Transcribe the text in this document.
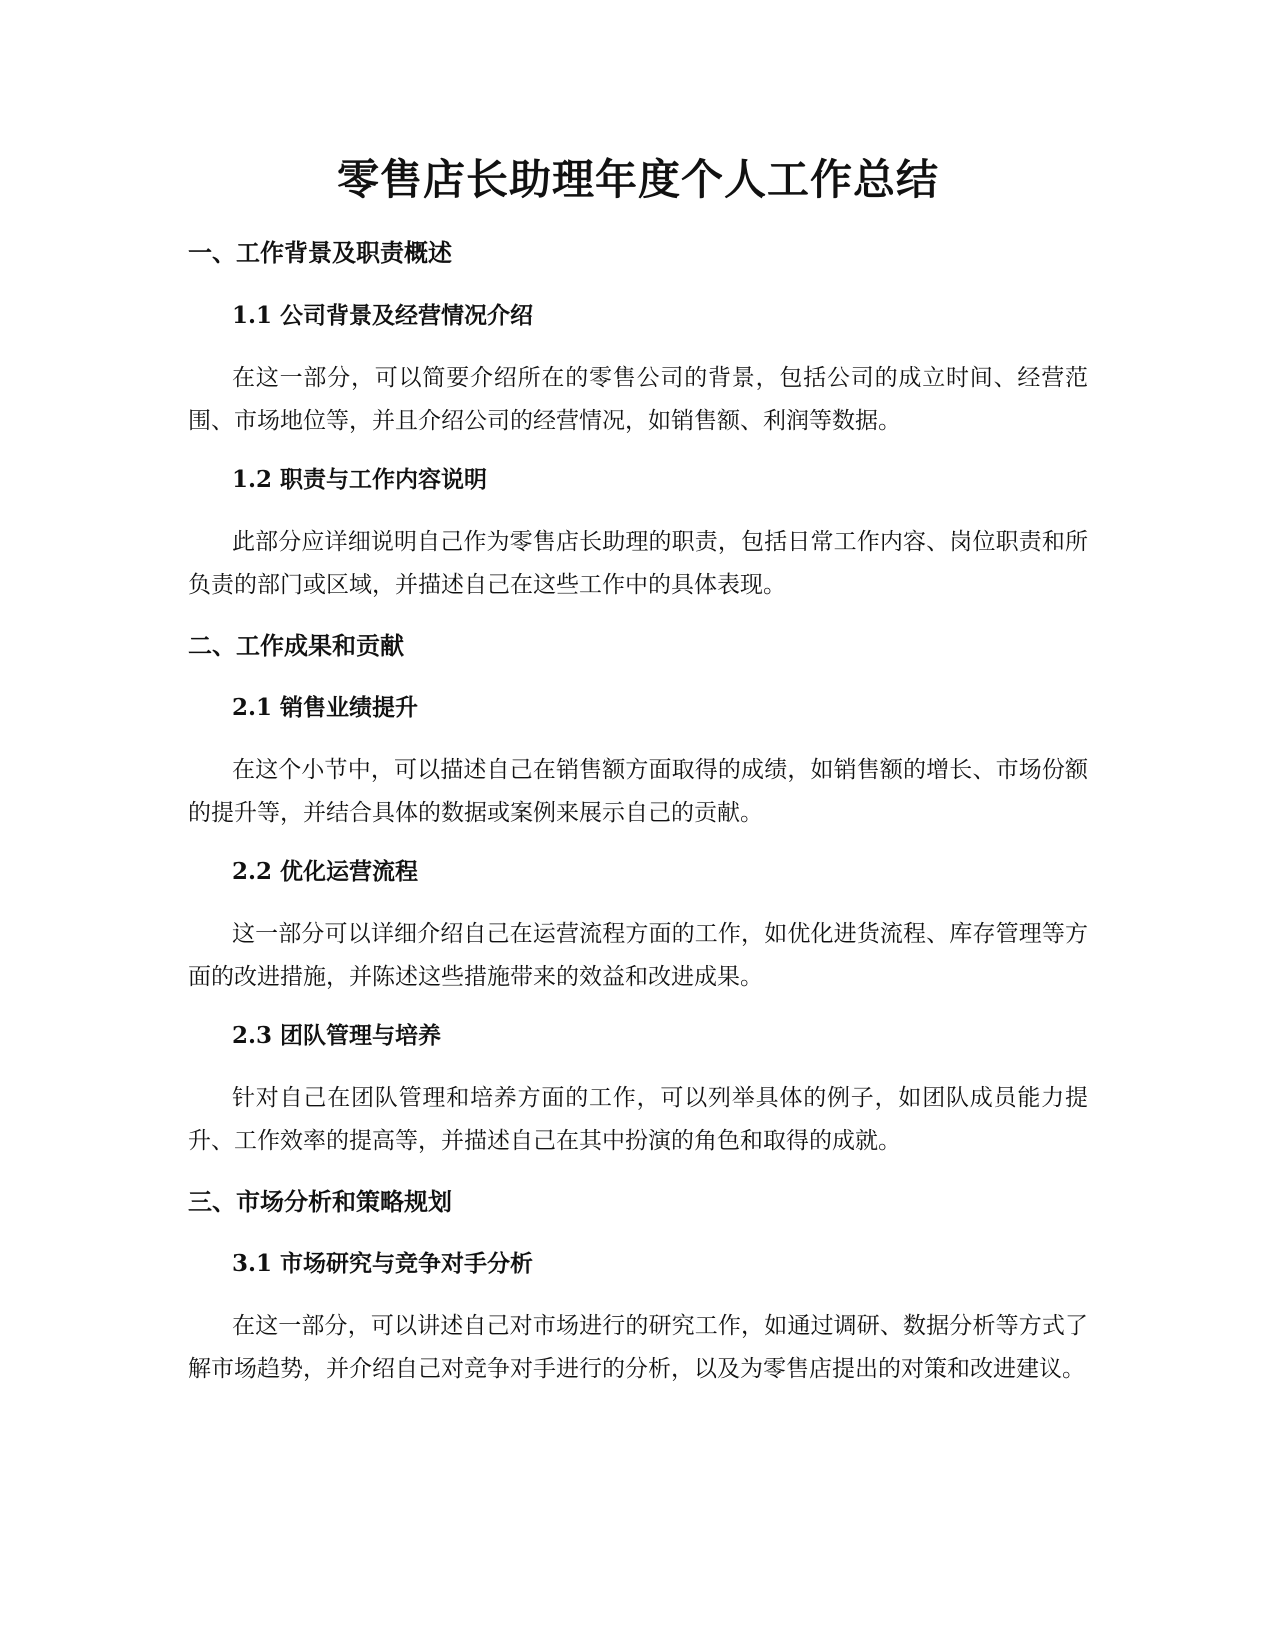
零售店长助理年度个人工作总结
一、工作背景及职责概述
1.1 公司背景及经营情况介绍

在这一部分，可以简要介绍所在的零售公司的背景，包括公司的成立时间、经营范围、市场地位等，并且介绍公司的经营情况，如销售额、利润等数据。

1.2 职责与工作内容说明

此部分应详细说明自己作为零售店长助理的职责，包括日常工作内容、岗位职责和所负责的部门或区域，并描述自己在这些工作中的具体表现。

二、工作成果和贡献
2.1 销售业绩提升

在这个小节中，可以描述自己在销售额方面取得的成绩，如销售额的增长、市场份额的提升等，并结合具体的数据或案例来展示自己的贡献。

2.2 优化运营流程

这一部分可以详细介绍自己在运营流程方面的工作，如优化进货流程、库存管理等方面的改进措施，并陈述这些措施带来的效益和改进成果。

2.3 团队管理与培养

针对自己在团队管理和培养方面的工作，可以列举具体的例子，如团队成员能力提升、工作效率的提高等，并描述自己在其中扮演的角色和取得的成就。

三、市场分析和策略规划
3.1 市场研究与竞争对手分析

在这一部分，可以讲述自己对市场进行的研究工作，如通过调研、数据分析等方式了解市场趋势，并介绍自己对竞争对手进行的分析，以及为零售店提出的对策和改进建议。
